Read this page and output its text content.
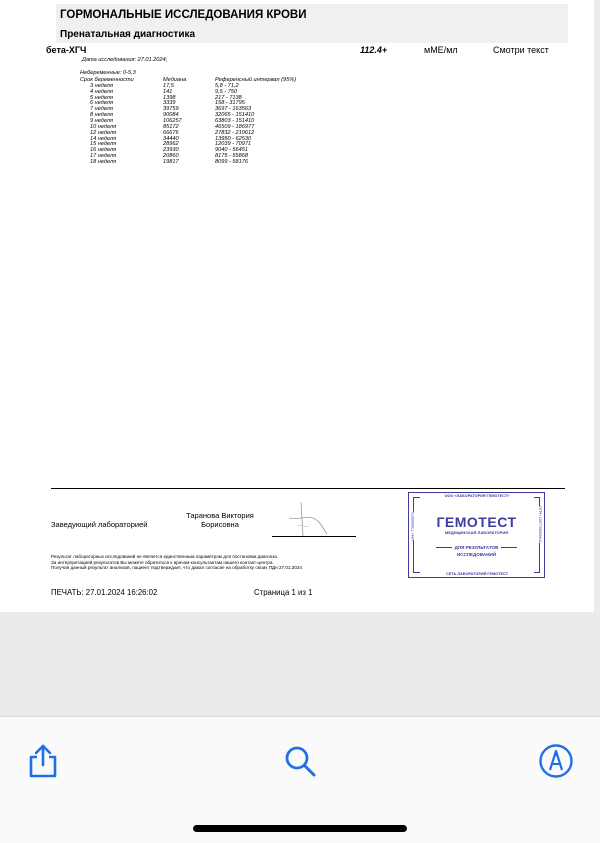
ГОРМОНАЛЬНЫЕ ИССЛЕДОВАНИЯ КРОВИ
Пренатальная диагностика
бета-ХГЧ	112.4+	мМЕ/мл	Смотри текст
Дата исследования: 27.01.2024;
Небеременные: 0-5,3
Срок беременности	Медиана	Референсный интервал (95%)
3 неделя	17,5	5,8 - 71,2
4 неделя	141	9,5 - 750
5 неделя	1398	217 - 7138
6 неделя	3339	158 - 31795
7 неделя	39759	3697 - 163563
8 неделя	90084	32065 - 151410
9 неделя	106257	63803 - 151410
10 неделя	85172	46509 - 186977
12 неделя	66676	27832 - 210612
14 неделя	34440	13950 - 62530
15 неделя	28962	12039 - 70971
16 неделя	23930	9040 - 56451
17 неделя	20860	8175 - 55868
18 неделя	19817	8099 - 58176
Заведующий лабораторией
Таранова Виктория
Борисовна
Результат лабораторных исследований не является единственным параметром для постановки диагноза.
За интерпретацией результатов Вы можете обратиться к врачам-консультантам нашего контакт-центра.
Получая данный результат анализов, пациент подтверждает, что давал согласие на обработку своих ПДн 27.01.2024
ООО «ЛАБОРАТОРИЯ ГЕМОТЕСТ»
ИНН 7706565571	ОГРН 1057706005842
ГЕМОТЕСТ
МЕДИЦИНСКАЯ ЛАБОРАТОРИЯ
ДЛЯ РЕЗУЛЬТАТОВ
ИССЛЕДОВАНИЙ
СЕТЬ ЛАБОРАТОРИЙ ГЕМОТЕСТ
ПЕЧАТЬ: 27.01.2024 16:26:02	Страница 1 из 1
